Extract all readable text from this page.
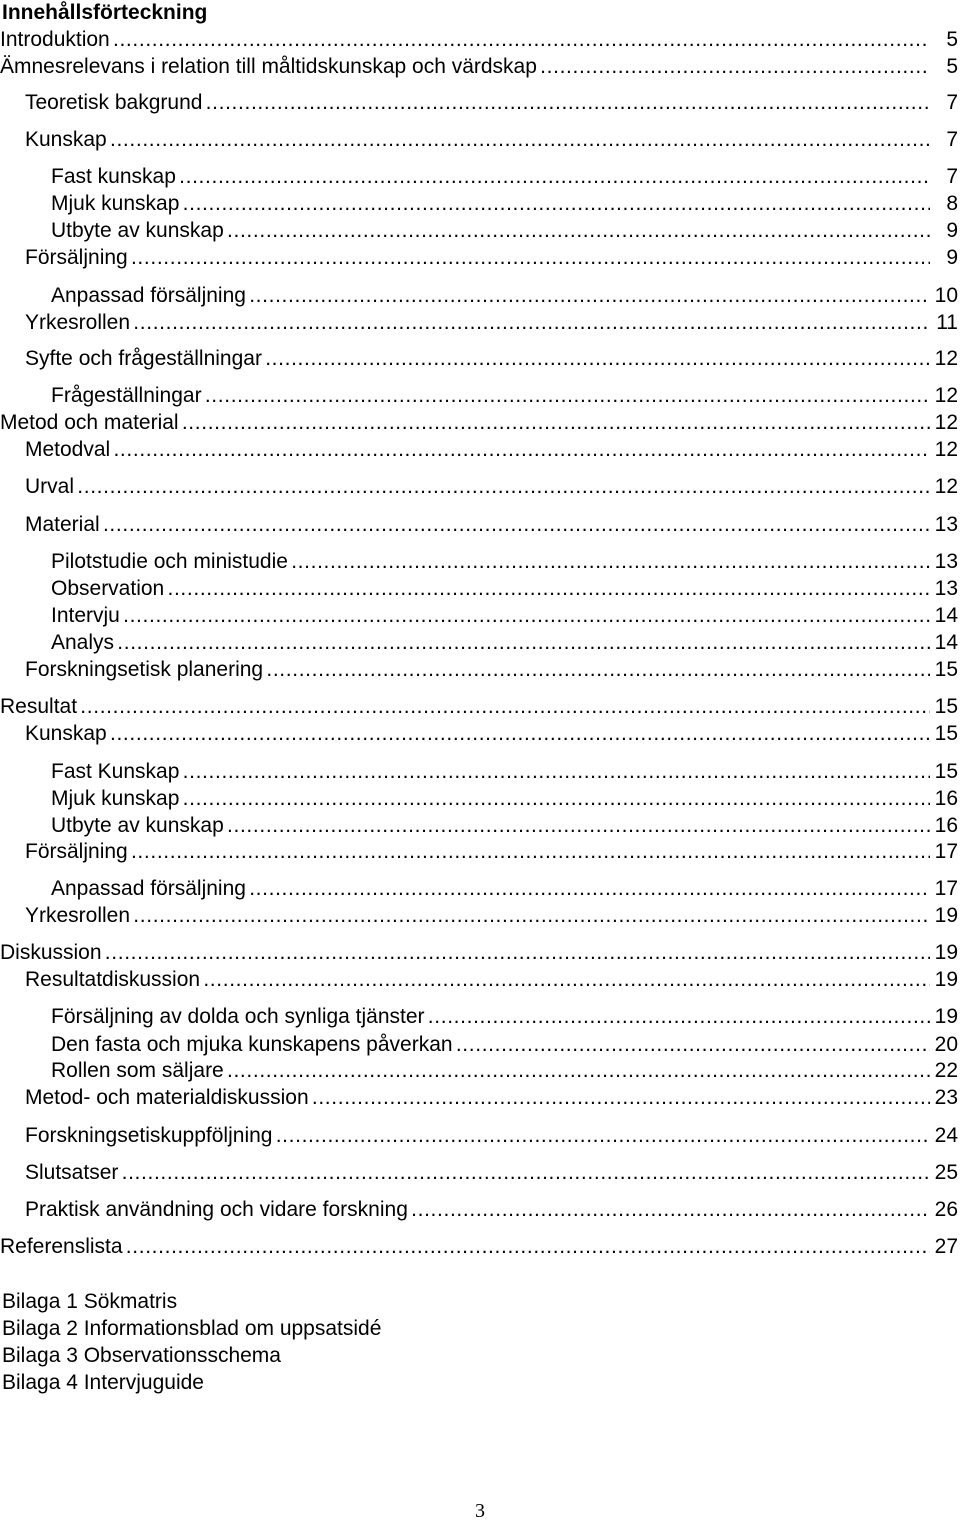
Innehållsförteckning
Introduktion . . .	5
Ämnesrelevans i relation till måltidskunskap och värdskap . . .	5
Teoretisk bakgrund . . .	7
Kunskap . . .	7
Fast kunskap . . .	7
Mjuk kunskap . . .	8
Utbyte av kunskap . . .	9
Försäljning . . .	9
Anpassad försäljning . . .	10
Yrkesrollen . . .	11
Syfte och frågeställningar . . .	12
Frågeställningar . . .	12
Metod och material . . .	12
Metodval . . .	12
Urval . . .	12
Material . . .	13
Pilotstudie och ministudie . . .	13
Observation . . .	13
Intervju . . .	14
Analys . . .	14
Forskningsetisk planering . . .	15
Resultat . . .	15
Kunskap . . .	15
Fast Kunskap . . .	15
Mjuk kunskap . . .	16
Utbyte av kunskap . . .	16
Försäljning . . .	17
Anpassad försäljning . . .	17
Yrkesrollen . . .	19
Diskussion . . .	19
Resultatdiskussion . . .	19
Försäljning av dolda och synliga tjänster . . .	19
Den fasta och mjuka kunskapens påverkan . . .	20
Rollen som säljare . . .	22
Metod- och materialdiskussion . . .	23
Forskningsetiskuppföljning . . .	24
Slutsatser . . .	25
Praktisk användning och vidare forskning . . .	26
Referenslista . . .	27
Bilaga 1 Sökmatris
Bilaga 2 Informationsblad om uppsatsidé
Bilaga 3 Observationsschema
Bilaga 4 Intervjuguide
3
